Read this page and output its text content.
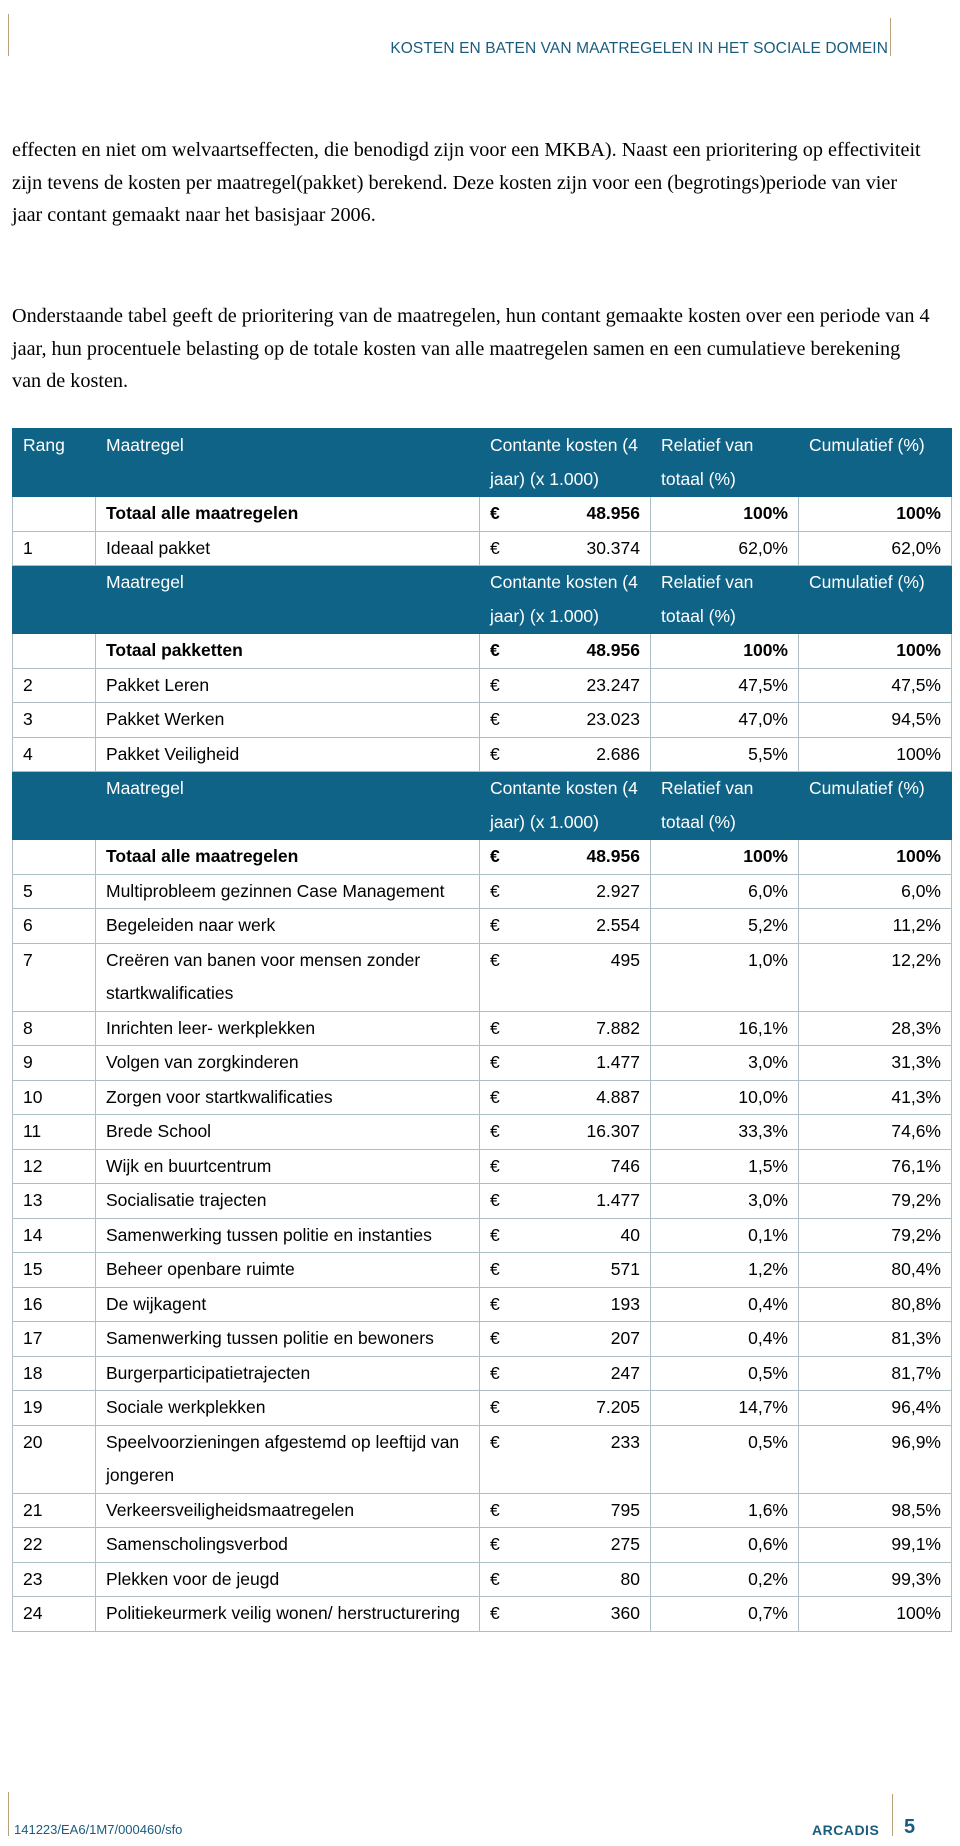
KOSTEN EN BATEN VAN MAATREGELEN IN HET SOCIALE DOMEIN

effecten en niet om welvaartseffecten, die benodigd zijn voor een MKBA). Naast een prioritering op effectiviteit zijn tevens de kosten per maatregel(pakket) berekend. Deze kosten zijn voor een (begrotings)periode van vier jaar contant gemaakt naar het basisjaar 2006.

Onderstaande tabel geeft de prioritering van de maatregelen, hun contant gemaakte kosten over een periode van 4 jaar, hun procentuele belasting op de totale kosten van alle maatregelen samen en een cumulatieve berekening van de kosten.

Rang	Maatregel	Contante kosten (4 jaar) (x 1.000)	Relatief van totaal (%)	Cumulatief (%)
	Totaal alle maatregelen	€ 48.956	100%	100%
1	Ideaal pakket	€ 30.374	62,0%	62,0%
	Maatregel	Contante kosten (4 jaar) (x 1.000)	Relatief van totaal (%)	Cumulatief (%)
	Totaal pakketten	€ 48.956	100%	100%
2	Pakket Leren	€ 23.247	47,5%	47,5%
3	Pakket Werken	€ 23.023	47,0%	94,5%
4	Pakket Veiligheid	€ 2.686	5,5%	100%
	Maatregel	Contante kosten (4 jaar) (x 1.000)	Relatief van totaal (%)	Cumulatief (%)
	Totaal alle maatregelen	€ 48.956	100%	100%
5	Multiprobleem gezinnen Case Management	€ 2.927	6,0%	6,0%
6	Begeleiden naar werk	€ 2.554	5,2%	11,2%
7	Creëren van banen voor mensen zonder startkwalificaties	€ 495	1,0%	12,2%
8	Inrichten leer- werkplekken	€ 7.882	16,1%	28,3%
9	Volgen van zorgkinderen	€ 1.477	3,0%	31,3%
10	Zorgen voor startkwalificaties	€ 4.887	10,0%	41,3%
11	Brede School	€ 16.307	33,3%	74,6%
12	Wijk en buurtcentrum	€ 746	1,5%	76,1%
13	Socialisatie trajecten	€ 1.477	3,0%	79,2%
14	Samenwerking tussen politie en instanties	€ 40	0,1%	79,2%
15	Beheer openbare ruimte	€ 571	1,2%	80,4%
16	De wijkagent	€ 193	0,4%	80,8%
17	Samenwerking tussen politie en bewoners	€ 207	0,4%	81,3%
18	Burgerparticipatietrajecten	€ 247	0,5%	81,7%
19	Sociale werkplekken	€ 7.205	14,7%	96,4%
20	Speelvoorzieningen afgestemd op leeftijd van jongeren	€ 233	0,5%	96,9%
21	Verkeersveiligheidsmaatregelen	€ 795	1,6%	98,5%
22	Samenscholingsverbod	€ 275	0,6%	99,1%
23	Plekken voor de jeugd	€ 80	0,2%	99,3%
24	Politiekeurmerk veilig wonen/ herstructurering	€ 360	0,7%	100%
141223/EA6/1M7/000460/sfo	ARCADIS 5
